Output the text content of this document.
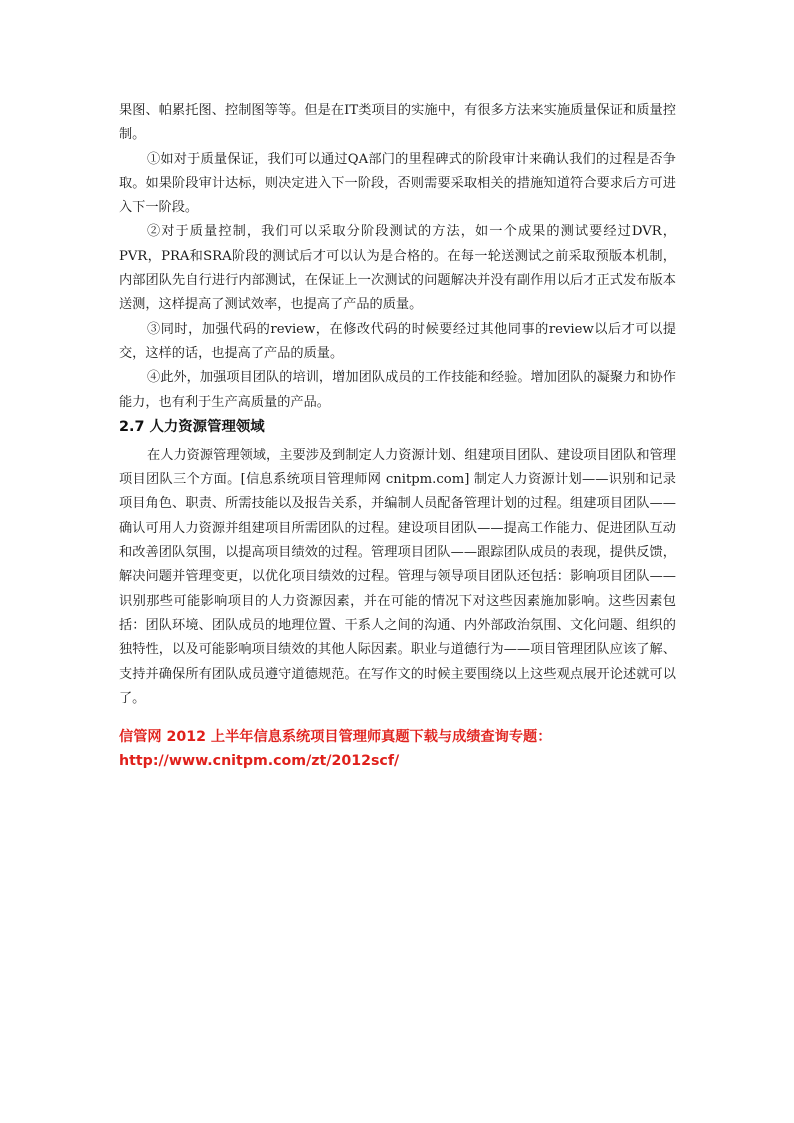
果图、帕累托图、控制图等等。但是在IT类项目的实施中，有很多方法来实施质量保证和质量控制。

①如对于质量保证，我们可以通过QA部门的里程碑式的阶段审计来确认我们的过程是否争取。如果阶段审计达标，则决定进入下一阶段，否则需要采取相关的措施知道符合要求后方可进入下一阶段。

②对于质量控制，我们可以采取分阶段测试的方法，如一个成果的测试要经过DVR，PVR，PRA和SRA阶段的测试后才可以认为是合格的。在每一轮送测试之前采取预版本机制，内部团队先自行进行内部测试，在保证上一次测试的问题解决并没有副作用以后才正式发布版本送测，这样提高了测试效率，也提高了产品的质量。

③同时，加强代码的review，在修改代码的时候要经过其他同事的review以后才可以提交，这样的话，也提高了产品的质量。

④此外，加强项目团队的培训，增加团队成员的工作技能和经验。增加团队的凝聚力和协作能力，也有利于生产高质量的产品。

2.7 人力资源管理领域

在人力资源管理领域，主要涉及到制定人力资源计划、组建项目团队、建设项目团队和管理项目团队三个方面。[信息系统项目管理师网 cnitpm.com] 制定人力资源计划——识别和记录项目角色、职责、所需技能以及报告关系，并编制人员配备管理计划的过程。组建项目团队——确认可用人力资源并组建项目所需团队的过程。建设项目团队——提高工作能力、促进团队互动和改善团队氛围，以提高项目绩效的过程。管理项目团队——跟踪团队成员的表现，提供反馈，解决问题并管理变更，以优化项目绩效的过程。管理与领导项目团队还包括：影响项目团队——识别那些可能影响项目的人力资源因素，并在可能的情况下对这些因素施加影响。这些因素包括：团队环境、团队成员的地理位置、干系人之间的沟通、内外部政治氛围、文化问题、组织的独特性，以及可能影响项目绩效的其他人际因素。职业与道德行为——项目管理团队应该了解、支持并确保所有团队成员遵守道德规范。在写作文的时候主要围绕以上这些观点展开论述就可以了。

信管网 2012 上半年信息系统项目管理师真题下载与成绩查询专题：
http://www.cnitpm.com/zt/2012scf/
